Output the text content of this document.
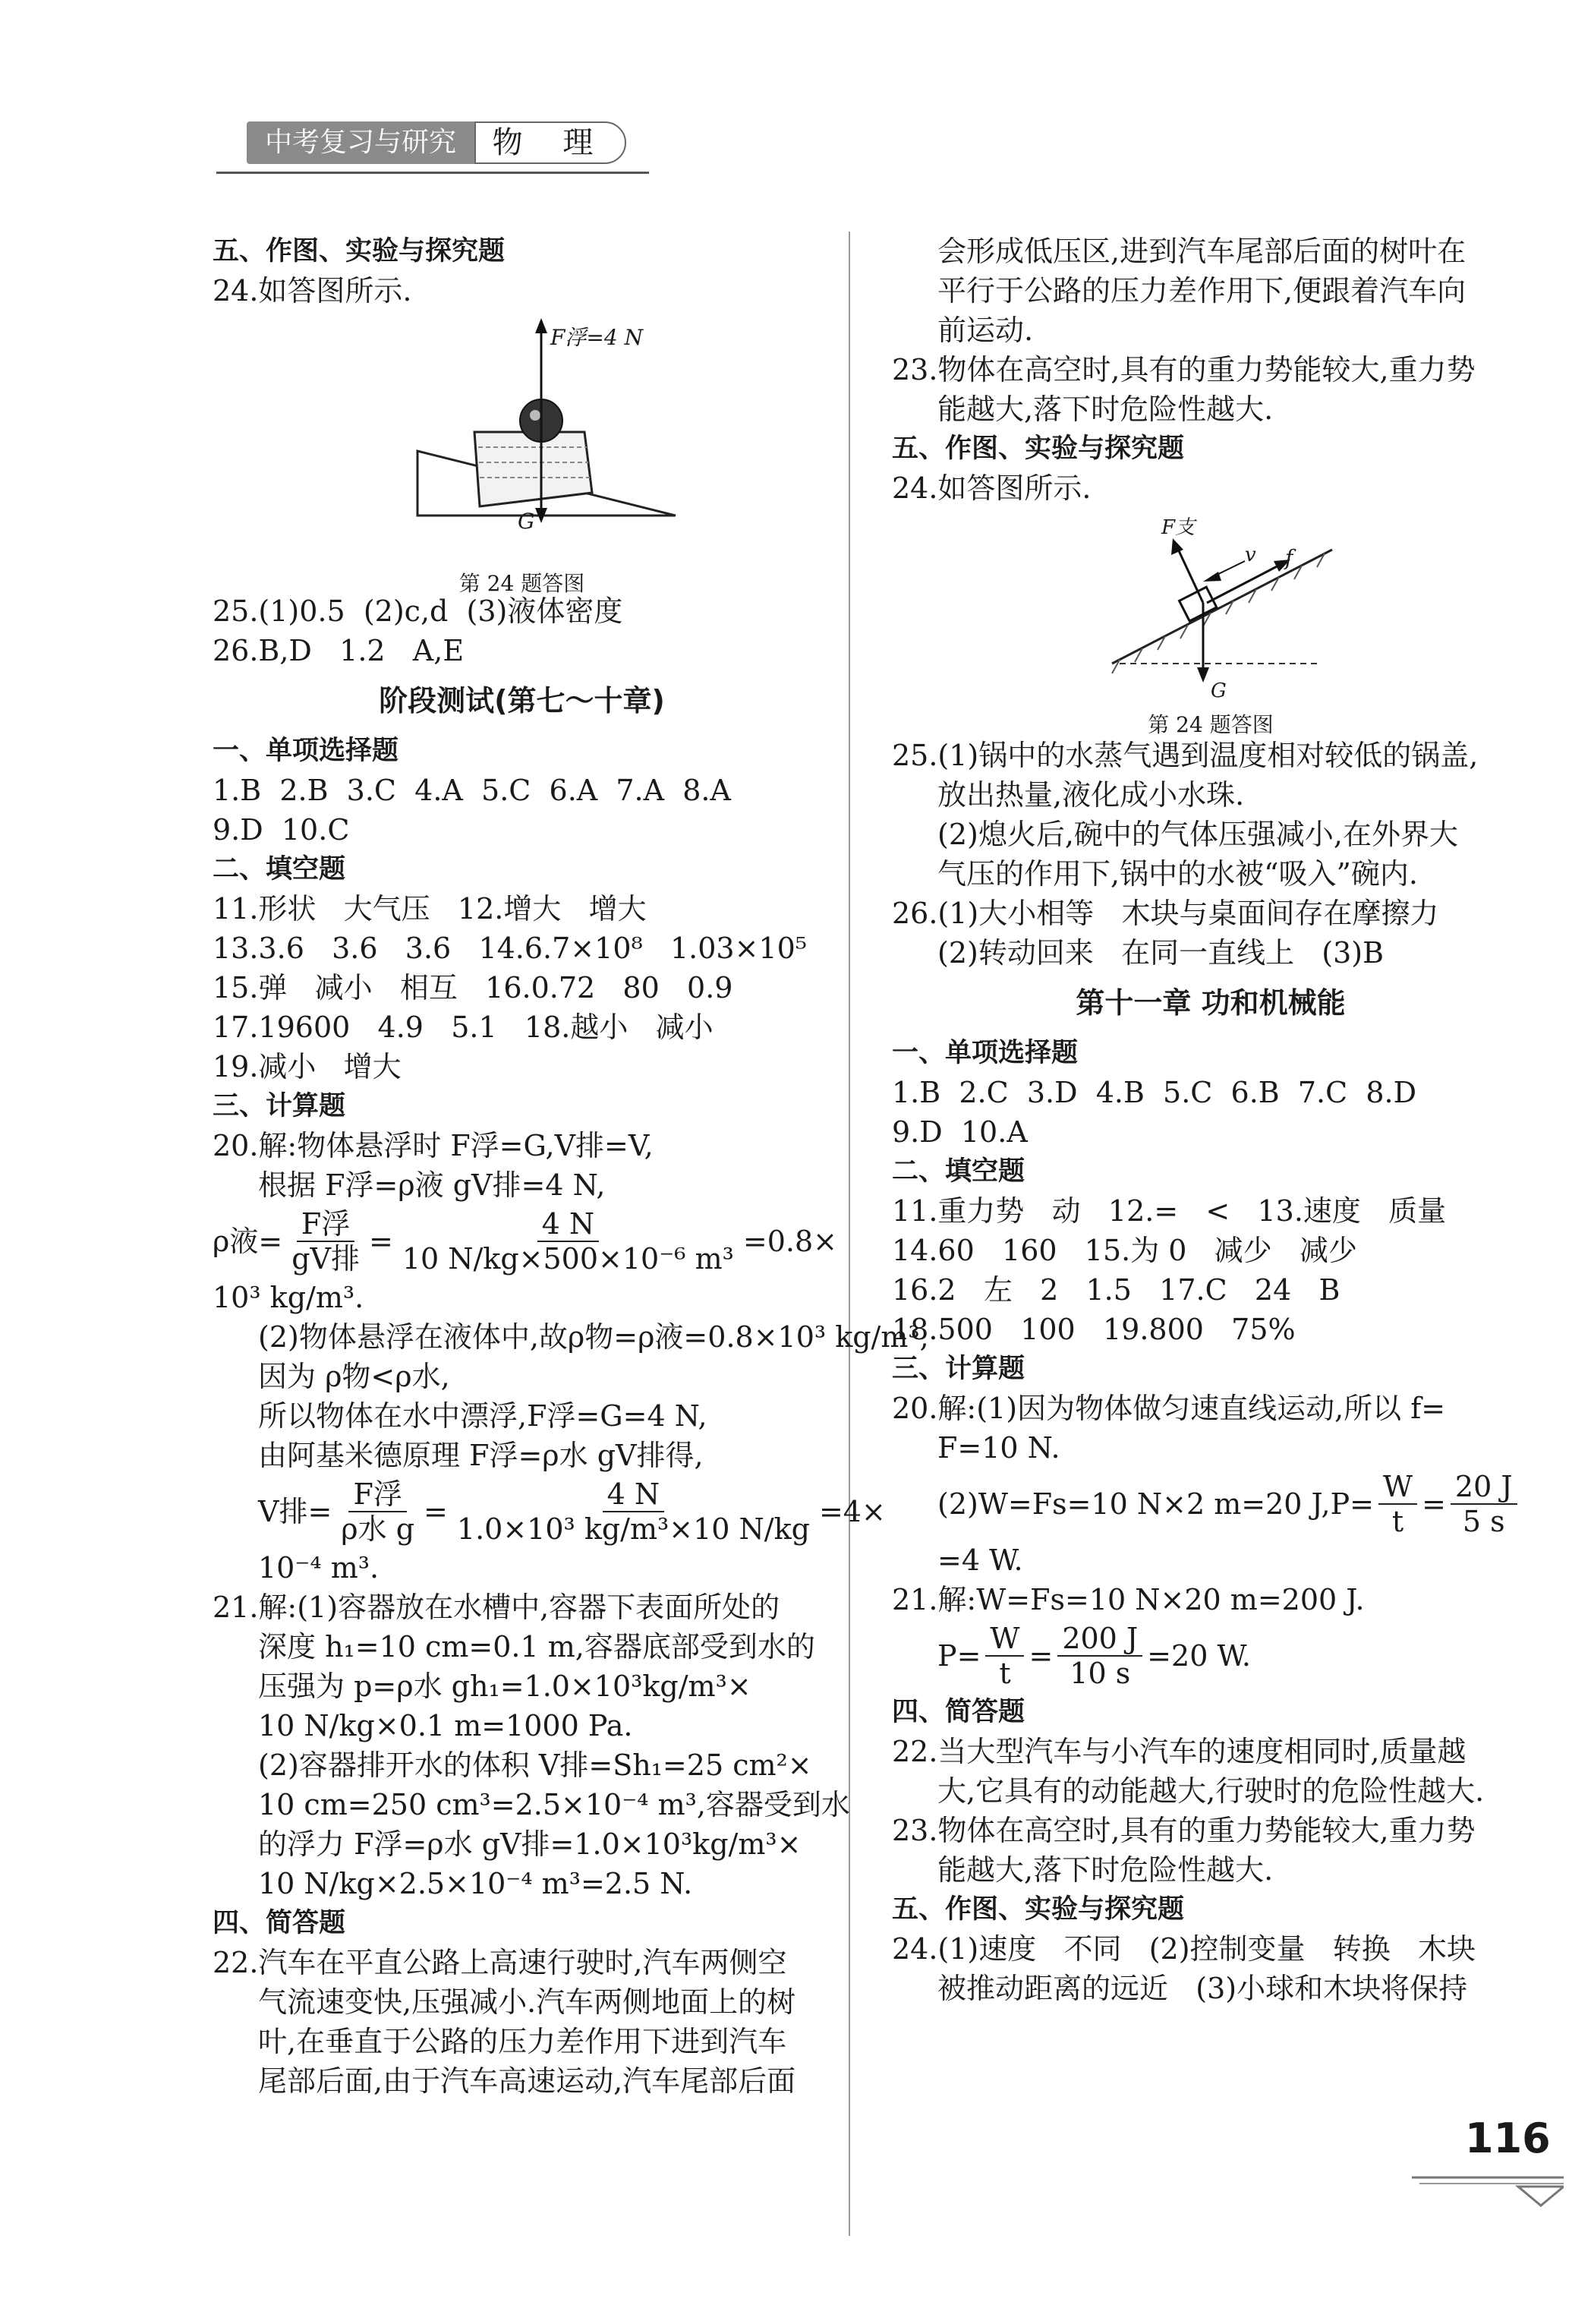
中考复习与研究	物 理
五、作图、实验与探究题
24.如答图所示.
F浮=4 N
G
第 24 题答图
25.(1)0.5  (2)c,d  (3)液体密度
26.B,D   1.2   A,E
阶段测试(第七～十章)
一、单项选择题
1.B  2.B  3.C  4.A  5.C  6.A  7.A  8.A
9.D  10.C
二、填空题
11.形状   大气压   12.增大   增大
13.3.6   3.6   3.6   14.6.7×10⁸   1.03×10⁵
15.弹   减小   相互   16.0.72   80   0.9
17.19600   4.9   5.1   18.越小   减小
19.减小   增大
三、计算题
20.解:物体悬浮时 F浮=G,V排=V,
根据 F浮=ρ液 gV排=4 N,
ρ液= $\frac{\text{F浮}}{\text{gV排}} = \frac{4 N}{\text{10 N/kg×500×10⁻⁶ m³}} =0.8\times$
10³ kg/m³.
(2)物体悬浮在液体中,故ρ物=ρ液=0.8×10³ kg/m³,
因为 ρ物<ρ水,
所以物体在水中漂浮,F浮=G=4 N,
由阿基米德原理 F浮=ρ水 gV排得,
V排= $\frac{\text{F浮}}{\text{ρ水 g}} = \frac{4 N}{\text{1.0×10³ kg/m³×10 N/kg}} =4\times$
10⁻⁴ m³.
21.解:(1)容器放在水槽中,容器下表面所处的
深度 h₁=10 cm=0.1 m,容器底部受到水的
压强为 p=ρ水 gh₁=1.0×10³kg/m³×
10 N/kg×0.1 m=1000 Pa.
(2)容器排开水的体积 V排=Sh₁=25 cm²×
10 cm=250 cm³=2.5×10⁻⁴ m³,容器受到水
的浮力 F浮=ρ水 gV排=1.0×10³kg/m³×
10 N/kg×2.5×10⁻⁴ m³=2.5 N.
四、简答题
22.汽车在平直公路上高速行驶时,汽车两侧空
气流速变快,压强减小.汽车两侧地面上的树
叶,在垂直于公路的压力差作用下进到汽车
尾部后面,由于汽车高速运动,汽车尾部后面
会形成低压区,进到汽车尾部后面的树叶在
平行于公路的压力差作用下,便跟着汽车向
前运动.
23.物体在高空时,具有的重力势能较大,重力势
能越大,落下时危险性越大.
五、作图、实验与探究题
24.如答图所示.
F支
v f
G
第 24 题答图
25.(1)锅中的水蒸气遇到温度相对较低的锅盖,
放出热量,液化成小水珠.
(2)熄火后,碗中的气体压强减小,在外界大
气压的作用下,锅中的水被“吸入”碗内.
26.(1)大小相等   木块与桌面间存在摩擦力
(2)转动回来   在同一直线上   (3)B
第十一章 功和机械能
一、单项选择题
1.B  2.C  3.D  4.B  5.C  6.B  7.C  8.D
9.D  10.A
二、填空题
11.重力势   动   12.=   <   13.速度   质量
14.60   160   15.为 0   减少   减少
16.2   左   2   1.5   17.C   24   B
18.500   100   19.800   75%
三、计算题
20.解:(1)因为物体做匀速直线运动,所以 f=
F=10 N.
(2)W=Fs=10 N×2 m=20 $J,P= \frac{W}{t} = \frac{20 J}{5 s}$
=4 W.
21.解:W=Fs=10 N×20 m=200 J.
$P= \frac{W}{t} = \frac{200 J}{10 s} =20$ W.
四、简答题
22.当大型汽车与小汽车的速度相同时,质量越
大,它具有的动能越大,行驶时的危险性越大.
23.物体在高空时,具有的重力势能较大,重力势
能越大,落下时危险性越大.
五、作图、实验与探究题
24.(1)速度   不同   (2)控制变量   转换   木块
被推动距离的远近   (3)小球和木块将保持
116
